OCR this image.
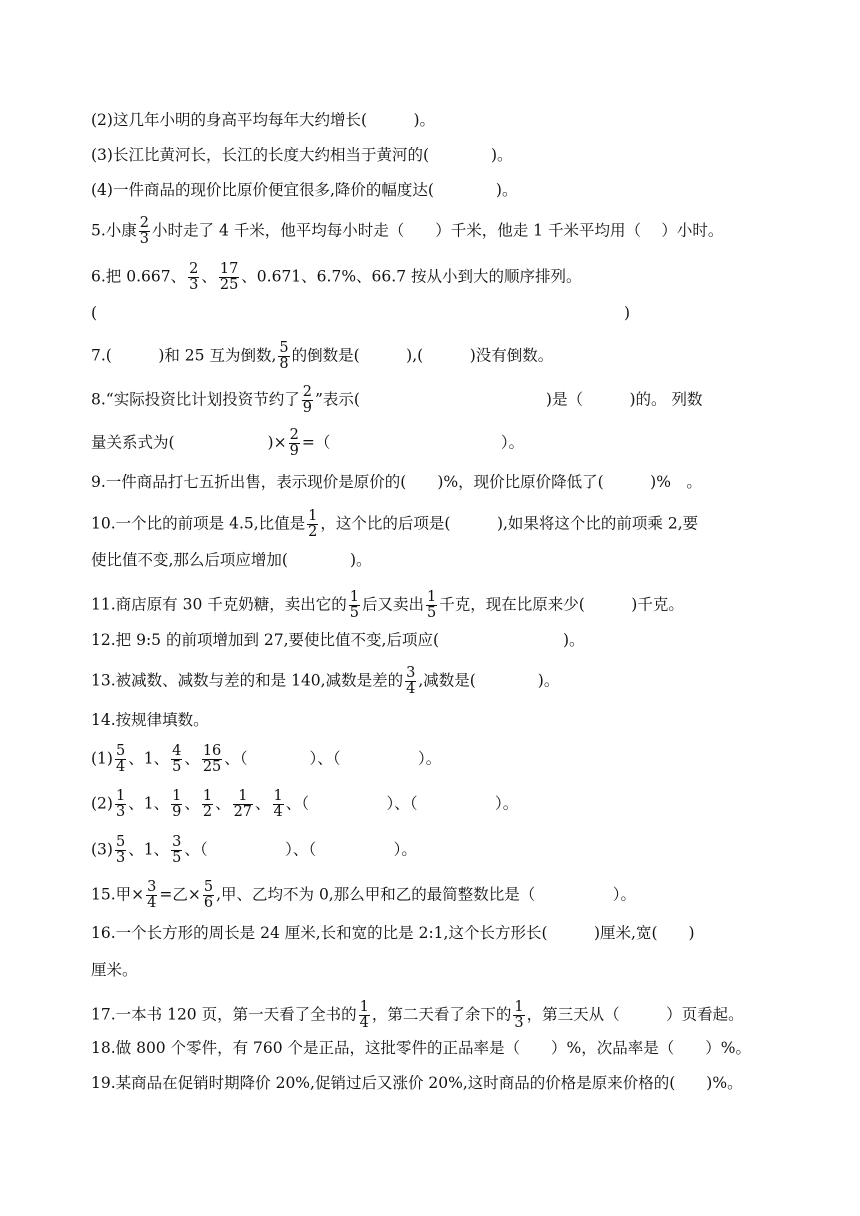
(2)这几年小明的身高平均每年大约增长(　　　)。
(3)长江比黄河长，长江的长度大约相当于黄河的(　　　　)。
(4)一件商品的现价比原价便宜很多,降价的幅度达(　　　　)。
5.小康 $\frac{2}{3}$ 小时走了 4 千米，他平均每小时走（　　）千米，他走 1 千米平均用（　 ）小时。
6.把 0.667、 $\frac{2}{3}$ 、 $\frac{17}{25}$ 、0.671、6.7%、66.7 按从小到大的顺序排列。
(　　　　　　　　　　　　　　　　　　　　　　　　　　　　　　　　　　)
7.(　　　)和 25 互为倒数, $\frac{5}{8}$ 的倒数是(　　　),(　　　)没有倒数。
8.“实际投资比计划投资节约了 $\frac{2}{9}$ ”表示(　　　　　　　　　　　　)是（　　　)的。 列数
量关系式为(　　　　　　)× $\frac{2}{9}$ =（　　　　　　　　　　　）。
9.一件商品打七五折出售，表示现价是原价的(　　)%，现价比原价降低了(　　　)%　。
10.一个比的前项是 4.5,比值是 $\frac{1}{2}$ ，这个比的后项是(　　　),如果将这个比的前项乘 2,要
使比值不变,那么后项应增加(　　　　)。
11.商店原有 30 千克奶糖，卖出它的 $\frac{1}{5}$ 后又卖出 $\frac{1}{5}$ 千克，现在比原来少(　　　)千克。
12.把 9:5 的前项增加到 27,要使比值不变,后项应(　　　　　　　　)。
13.被减数、减数与差的和是 140,减数是差的 $\frac{3}{4}$ ,减数是(　　　　)。
14.按规律填数。
$(1) \frac{5}{4}$ 、1、 $\frac{4}{5}$ 、 $\frac{16}{25}$ 、（　　　　）、（　　　　　）。
$(2) \frac{1}{3}$ 、1、 $\frac{1}{9}$ 、 $\frac{1}{2}$ 、 $\frac{1}{27}$ 、 $\frac{1}{4}$ 、（　　　　　）、（　　　　　）。
$(3) \frac{5}{3}$ 、1、 $\frac{3}{5}$ 、（　　　　　）、（　　　　　）。
15.甲× $\frac{3}{4}$ =乙× $\frac{5}{6}$ ,甲、乙均不为 0,那么甲和乙的最简整数比是（　　　　　）。
16.一个长方形的周长是 24 厘米,长和宽的比是 2:1,这个长方形长(　　　)厘米,宽(　　)
厘米。
17.一本书 120 页，第一天看了全书的 $\frac{1}{4}$ ，第二天看了余下的 $\frac{1}{3}$ ，第三天从（　　　）页看起。
18.做 800 个零件，有 760 个是正品，这批零件的正品率是（　　）%，次品率是（　　）%。
19.某商品在促销时期降价 20%,促销过后又涨价 20%,这时商品的价格是原来价格的(　　)%。
